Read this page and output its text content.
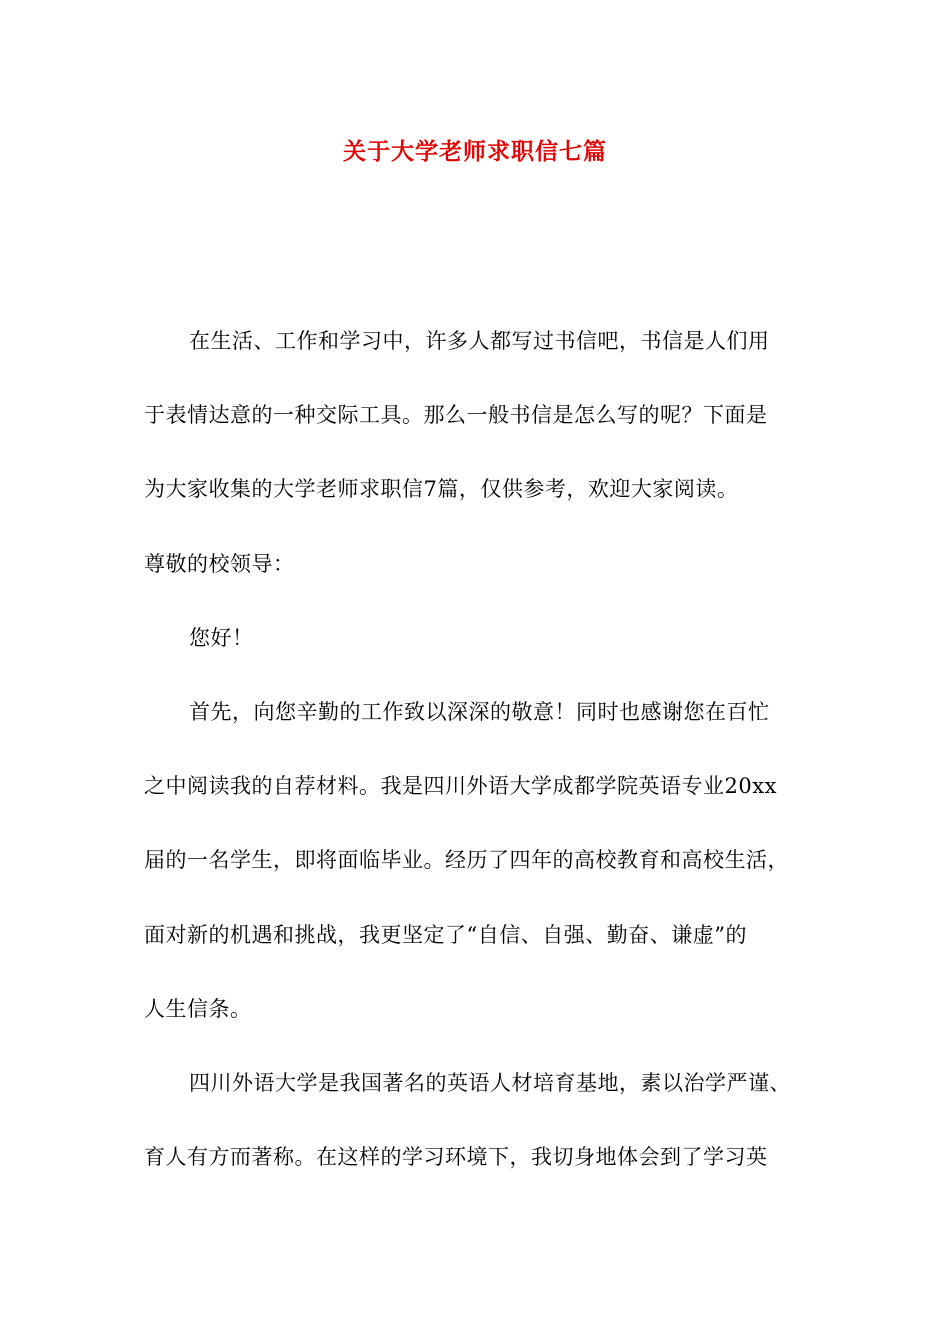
关于大学老师求职信七篇
在生活、工作和学习中，许多人都写过书信吧，书信是人们用
于表情达意的一种交际工具。那么一般书信是怎么写的呢？下面是
为大家收集的大学老师求职信7篇，仅供参考，欢迎大家阅读。
尊敬的校领导：
您好！
首先，向您辛勤的工作致以深深的敬意！同时也感谢您在百忙
之中阅读我的自荐材料。我是四川外语大学成都学院英语专业20xx
届的一名学生，即将面临毕业。经历了四年的高校教育和高校生活，
面对新的机遇和挑战，我更坚定了“自信、自强、勤奋、谦虚”的
人生信条。
四川外语大学是我国著名的英语人材培育基地，素以治学严谨、
育人有方而著称。在这样的学习环境下，我切身地体会到了学习英
